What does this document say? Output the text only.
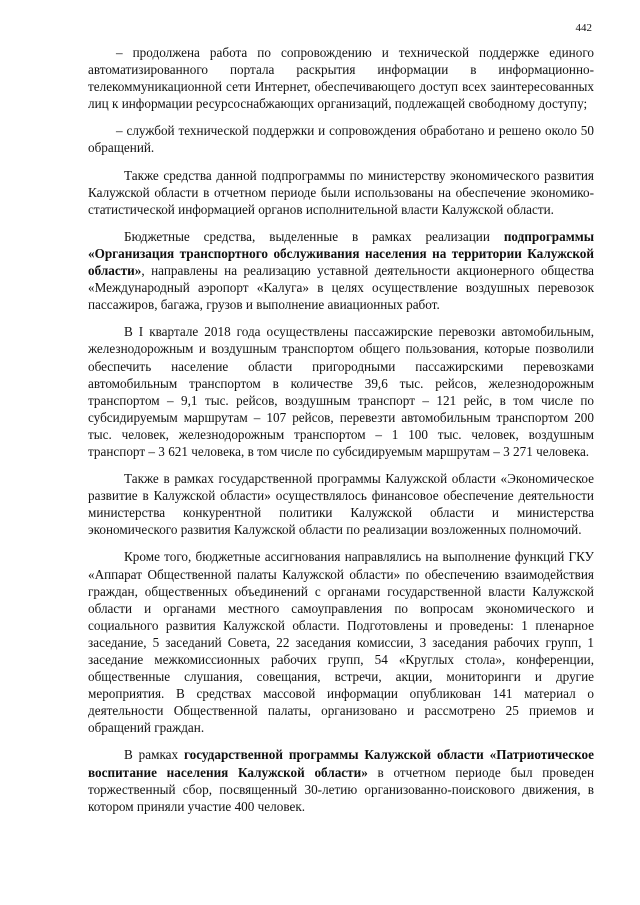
442

– продолжена работа по сопровождению и технической поддержке единого автоматизированного портала раскрытия информации в информационно-телекоммуникационной сети Интернет, обеспечивающего доступ всех заинтересованных лиц к информации ресурсоснабжающих организаций, подлежащей свободному доступу;

– службой технической поддержки и сопровождения обработано и решено около 50 обращений.

Также средства данной подпрограммы по министерству экономического развития Калужской области в отчетном периоде были использованы на обеспечение экономико-статистической информацией органов исполнительной власти Калужской области.

Бюджетные средства, выделенные в рамках реализации подпрограммы «Организация транспортного обслуживания населения на территории Калужской области», направлены на реализацию уставной деятельности акционерного общества «Международный аэропорт «Калуга» в целях осуществление воздушных перевозок пассажиров, багажа, грузов и выполнение авиационных работ.

В I квартале 2018 года осуществлены пассажирские перевозки автомобильным, железнодорожным и воздушным транспортом общего пользования, которые позволили обеспечить население области пригородными пассажирскими перевозками автомобильным транспортом в количестве 39,6 тыс. рейсов, железнодорожным транспортом – 9,1 тыс. рейсов, воздушным транспорт – 121 рейс, в том числе по субсидируемым маршрутам – 107 рейсов, перевезти автомобильным транспортом 200 тыс. человек, железнодорожным транспортом – 1 100 тыс. человек, воздушным транспорт – 3 621 человека, в том числе по субсидируемым маршрутам – 3 271 человека.

Также в рамках государственной программы Калужской области «Экономическое развитие в Калужской области» осуществлялось финансовое обеспечение деятельности министерства конкурентной политики Калужской области и министерства экономического развития Калужской области по реализации возложенных полномочий.

Кроме того, бюджетные ассигнования направлялись на выполнение функций ГКУ «Аппарат Общественной палаты Калужской области» по обеспечению взаимодействия граждан, общественных объединений с органами государственной власти Калужской области и органами местного самоуправления по вопросам экономического и социального развития Калужской области. Подготовлены и проведены: 1 пленарное заседание, 5 заседаний Совета, 22 заседания комиссии, 3 заседания рабочих групп, 1 заседание межкомиссионных рабочих групп, 54 «Круглых стола», конференции, общественные слушания, совещания, встречи, акции, мониторинги и другие мероприятия. В средствах массовой информации опубликован 141 материал о деятельности Общественной палаты, организовано и рассмотрено 25 приемов и обращений граждан.

В рамках государственной программы Калужской области «Патриотическое воспитание населения Калужской области» в отчетном периоде был проведен торжественный сбор, посвященный 30-летию организованно-поискового движения, в котором приняли участие 400 человек.
